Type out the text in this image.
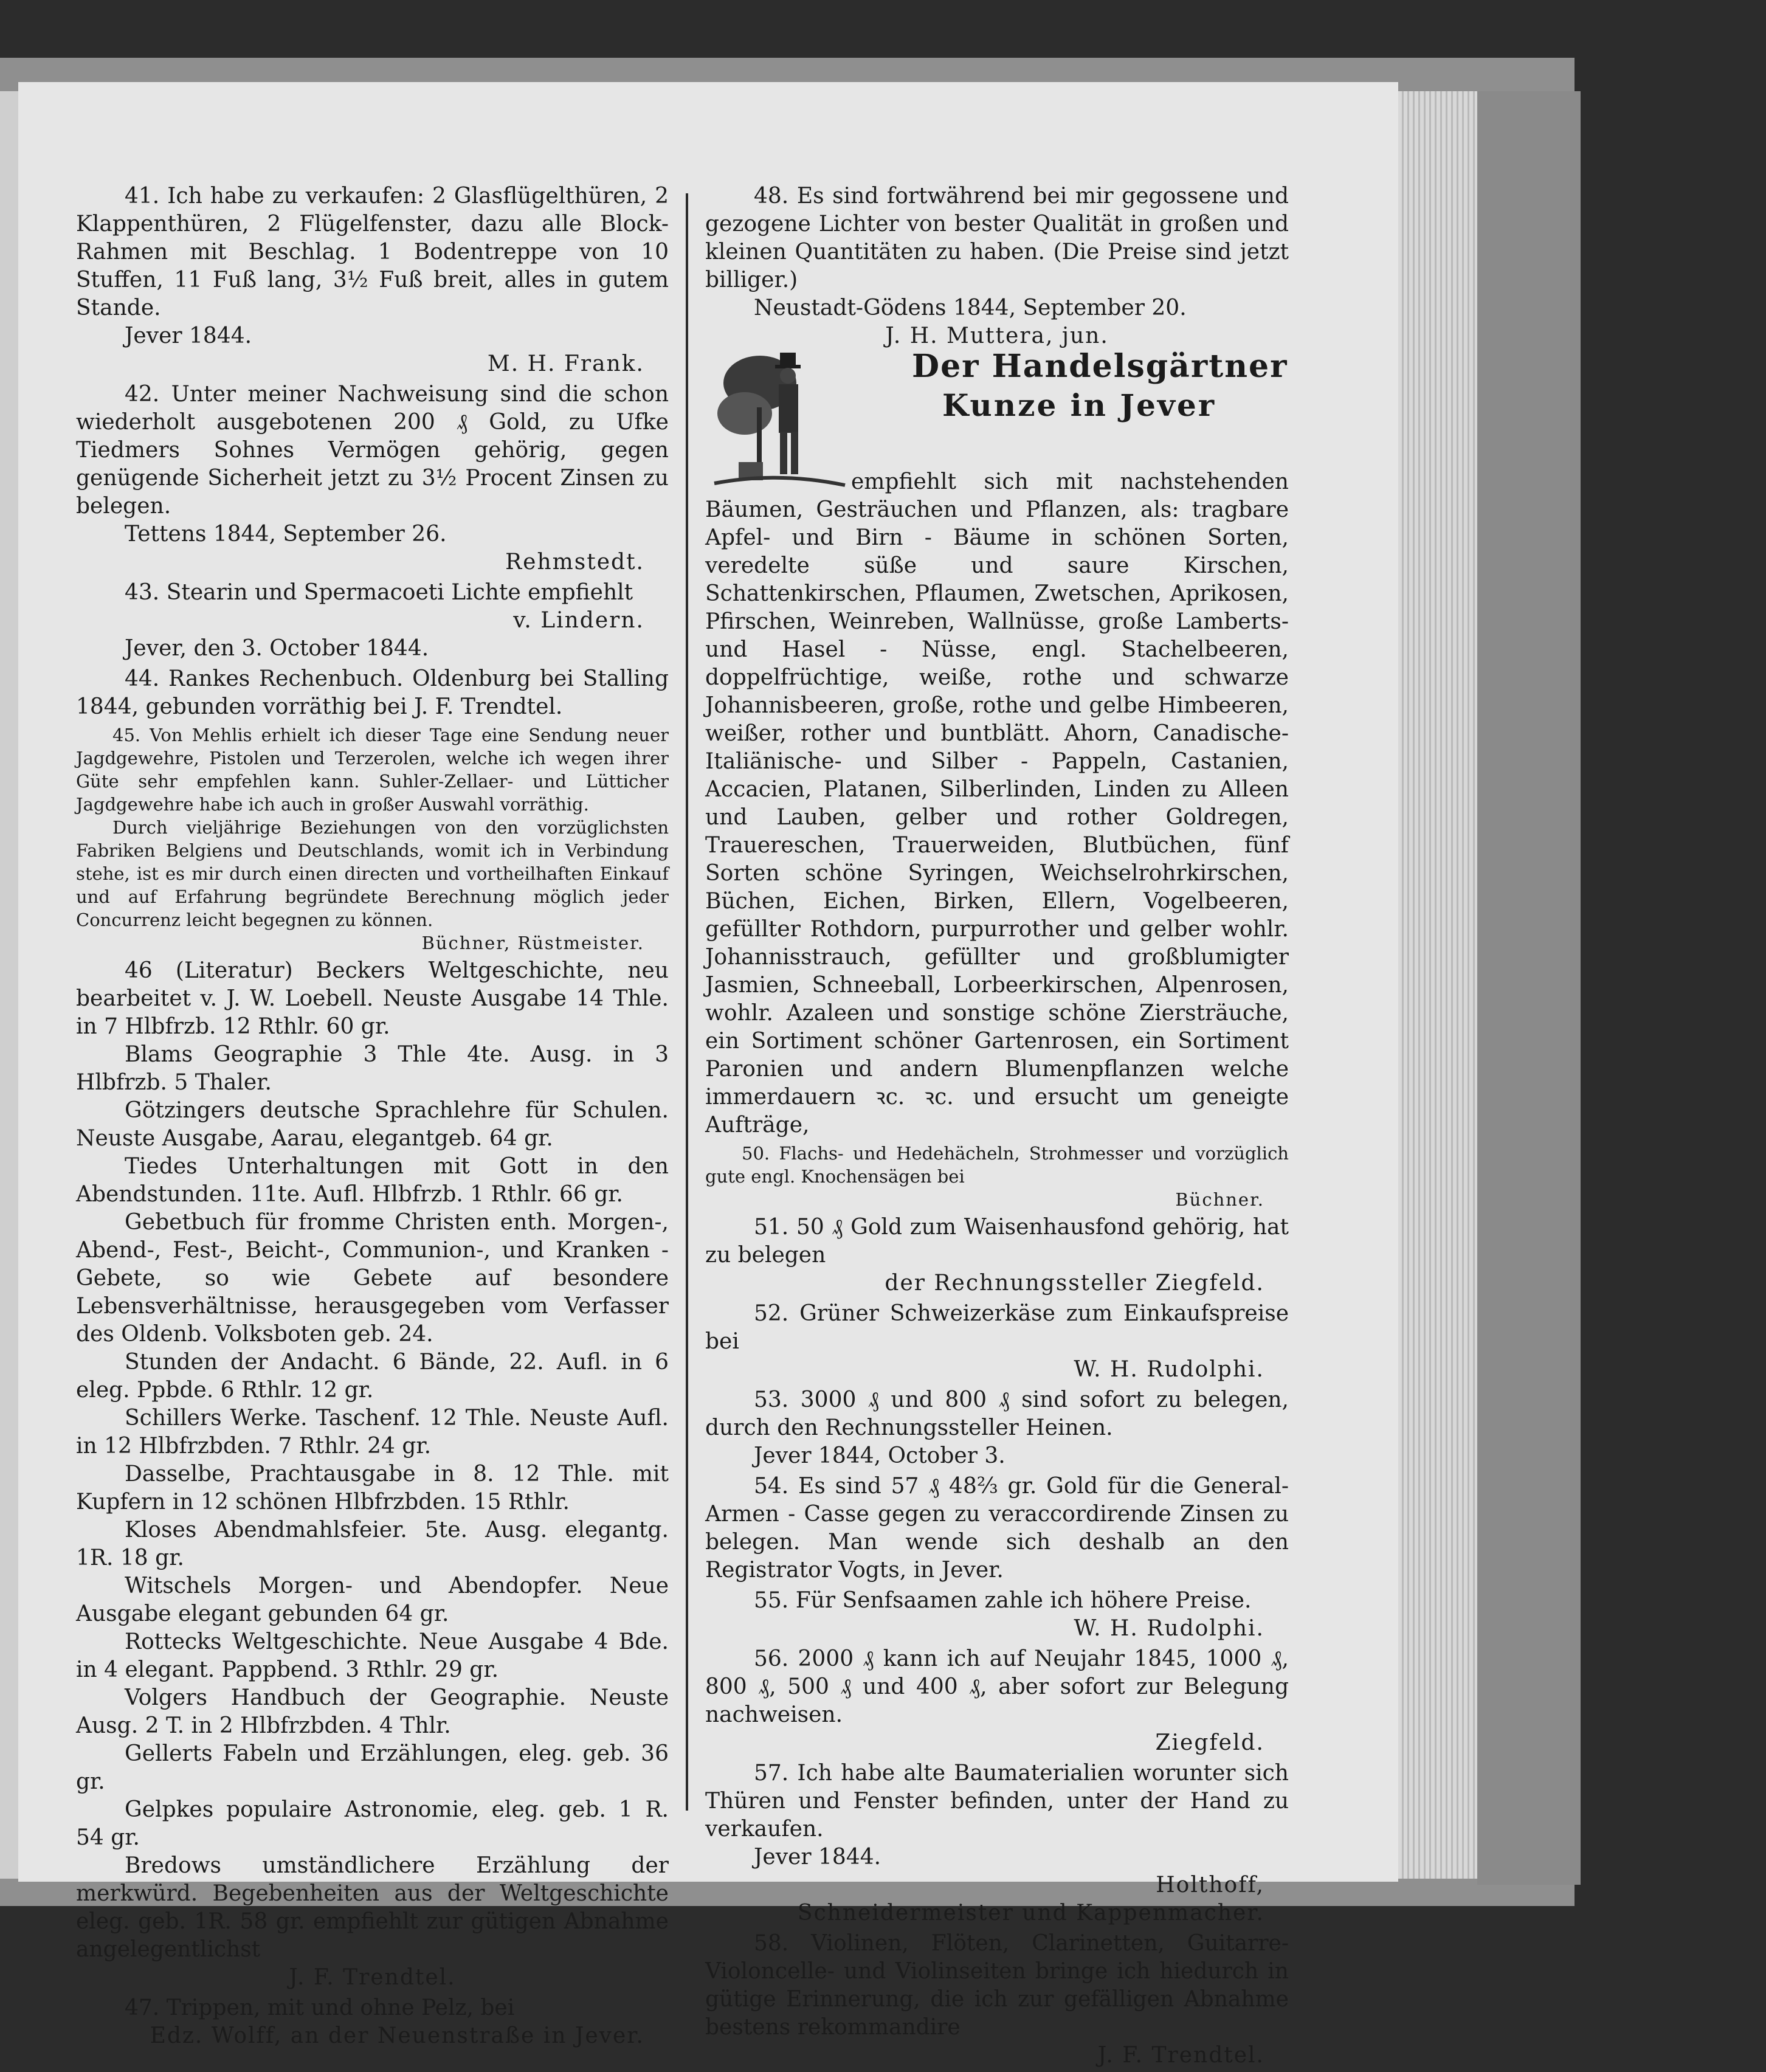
41. Ich habe zu verkaufen: 2 Glasflügelthüren, 2 Klappenthüren, 2 Flügelfenster, dazu alle Block-Rahmen mit Beschlag. 1 Bodentreppe von 10 Stuffen, 11 Fuß lang, 3½ Fuß breit, alles in gutem Stande.

Jever 1844.

M. H. Frank.

42. Unter meiner Nachweisung sind die schon wiederholt ausgebotenen 200 ₰ Gold, zu Ufke Tiedmers Sohnes Vermögen gehörig, gegen genügende Sicherheit jetzt zu 3½ Procent Zinsen zu belegen.

Tettens 1844, September 26.

Rehmstedt.

43. Stearin und Spermacoeti Lichte empfiehlt

v. Lindern.

Jever, den 3. October 1844.

44. Rankes Rechenbuch. Oldenburg bei Stalling 1844, gebunden vorräthig bei J. F. Trendtel.

45. Von Mehlis erhielt ich dieser Tage eine Sendung neuer Jagdgewehre, Pistolen und Terzerolen, welche ich wegen ihrer Güte sehr empfehlen kann. Suhler-Zellaer- und Lütticher Jagdgewehre habe ich auch in großer Auswahl vorräthig.

Durch vieljährige Beziehungen von den vorzüglichsten Fabriken Belgiens und Deutschlands, womit ich in Verbindung stehe, ist es mir durch einen directen und vortheilhaften Einkauf und auf Erfahrung begründete Berechnung möglich jeder Concurrenz leicht begegnen zu können.

Büchner, Rüstmeister.

46 (Literatur) Beckers Weltgeschichte, neu bearbeitet v. J. W. Loebell. Neuste Ausgabe 14 Thle. in 7 Hlbfrzb. 12 Rthlr. 60 gr.

Blams Geographie 3 Thle 4te. Ausg. in 3 Hlbfrzb. 5 Thaler.

Götzingers deutsche Sprachlehre für Schulen. Neuste Ausgabe, Aarau, elegantgeb. 64 gr.

Tiedes Unterhaltungen mit Gott in den Abendstunden. 11te. Aufl. Hlbfrzb. 1 Rthlr. 66 gr.

Gebetbuch für fromme Christen enth. Morgen-, Abend-, Fest-, Beicht-, Communion-, und Kranken - Gebete, so wie Gebete auf besondere Lebensverhältnisse, herausgegeben vom Verfasser des Oldenb. Volksboten geb. 24.

Stunden der Andacht. 6 Bände, 22. Aufl. in 6 eleg. Ppbde. 6 Rthlr. 12 gr.

Schillers Werke. Taschenf. 12 Thle. Neuste Aufl. in 12 Hlbfrzbden. 7 Rthlr. 24 gr.

Dasselbe, Prachtausgabe in 8. 12 Thle. mit Kupfern in 12 schönen Hlbfrzbden. 15 Rthlr.

Kloses Abendmahlsfeier. 5te. Ausg. elegantg. 1R. 18 gr.

Witschels Morgen- und Abendopfer. Neue Ausgabe elegant gebunden 64 gr.

Rottecks Weltgeschichte. Neue Ausgabe 4 Bde. in 4 elegant. Pappbend. 3 Rthlr. 29 gr.

Volgers Handbuch der Geographie. Neuste Ausg. 2 T. in 2 Hlbfrzbden. 4 Thlr.

Gellerts Fabeln und Erzählungen, eleg. geb. 36 gr.

Gelpkes populaire Astronomie, eleg. geb. 1 R. 54 gr.

Bredows umständlichere Erzählung der merkwürd. Begebenheiten aus der Weltgeschichte eleg. geb. 1R. 58 gr. empfiehlt zur gütigen Abnahme angelegentlichst

J. F. Trendtel.

47. Trippen, mit und ohne Pelz, bei

Edz. Wolff, an der Neuenstraße in Jever.

48. Es sind fortwährend bei mir gegossene und gezogene Lichter von bester Qualität in großen und kleinen Quantitäten zu haben. (Die Preise sind jetzt billiger.)

Neustadt-Gödens 1844, September 20.

J. H. Muttera, jun.

Der Handelsgärtner
Kunze in Jever

empfiehlt sich mit nachstehenden Bäumen, Gesträuchen und Pflanzen, als: tragbare Apfel- und Birn - Bäume in schönen Sorten, veredelte süße und saure Kirschen, Schattenkirschen, Pflaumen, Zwetschen, Aprikosen, Pfirschen, Weinreben, Wallnüsse, große Lamberts- und Hasel - Nüsse, engl. Stachelbeeren, doppelfrüchtige, weiße, rothe und schwarze Johannisbeeren, große, rothe und gelbe Himbeeren, weißer, rother und buntblätt. Ahorn, Canadische- Italiänische- und Silber - Pappeln, Castanien, Accacien, Platanen, Silberlinden, Linden zu Alleen und Lauben, gelber und rother Goldregen, Trauereschen, Trauerweiden, Blutbüchen, fünf Sorten schöne Syringen, Weichselrohrkirschen, Büchen, Eichen, Birken, Ellern, Vogelbeeren, gefüllter Rothdorn, purpurrother und gelber wohlr. Johannisstrauch, gefüllter und großblumigter Jasmien, Schneeball, Lorbeerkirschen, Alpenrosen, wohlr. Azaleen und sonstige schöne Ziersträuche, ein Sortiment schöner Gartenrosen, ein Sortiment Paronien und andern Blumenpflanzen welche immerdauern ꝛc. ꝛc. und ersucht um geneigte Aufträge,

50. Flachs- und Hedehächeln, Strohmesser und vorzüglich gute engl. Knochensägen bei

Büchner.

51. 50 ₰ Gold zum Waisenhausfond gehörig, hat zu belegen

der Rechnungssteller Ziegfeld.

52. Grüner Schweizerkäse zum Einkaufspreise bei

W. H. Rudolphi.

53. 3000 ₰ und 800 ₰ sind sofort zu belegen, durch den Rechnungssteller Heinen.

Jever 1844, October 3.

54. Es sind 57 ₰ 48⅔ gr. Gold für die General-Armen - Casse gegen zu veraccordirende Zinsen zu belegen. Man wende sich deshalb an den Registrator Vogts, in Jever.

55. Für Senfsaamen zahle ich höhere Preise.

W. H. Rudolphi.

56. 2000 ₰ kann ich auf Neujahr 1845, 1000 ₰, 800 ₰, 500 ₰ und 400 ₰, aber sofort zur Belegung nachweisen.

Ziegfeld.

57. Ich habe alte Baumaterialien worunter sich Thüren und Fenster befinden, unter der Hand zu verkaufen.

Jever 1844.

Holthoff,

Schneidermeister und Kappenmacher.

58. Violinen, Flöten, Clarinetten, Guitarre-Violoncelle- und Violinseiten bringe ich hiedurch in gütige Erinnerung, die ich zur gefälligen Abnahme bestens rekommandire

J. F. Trendtel.
